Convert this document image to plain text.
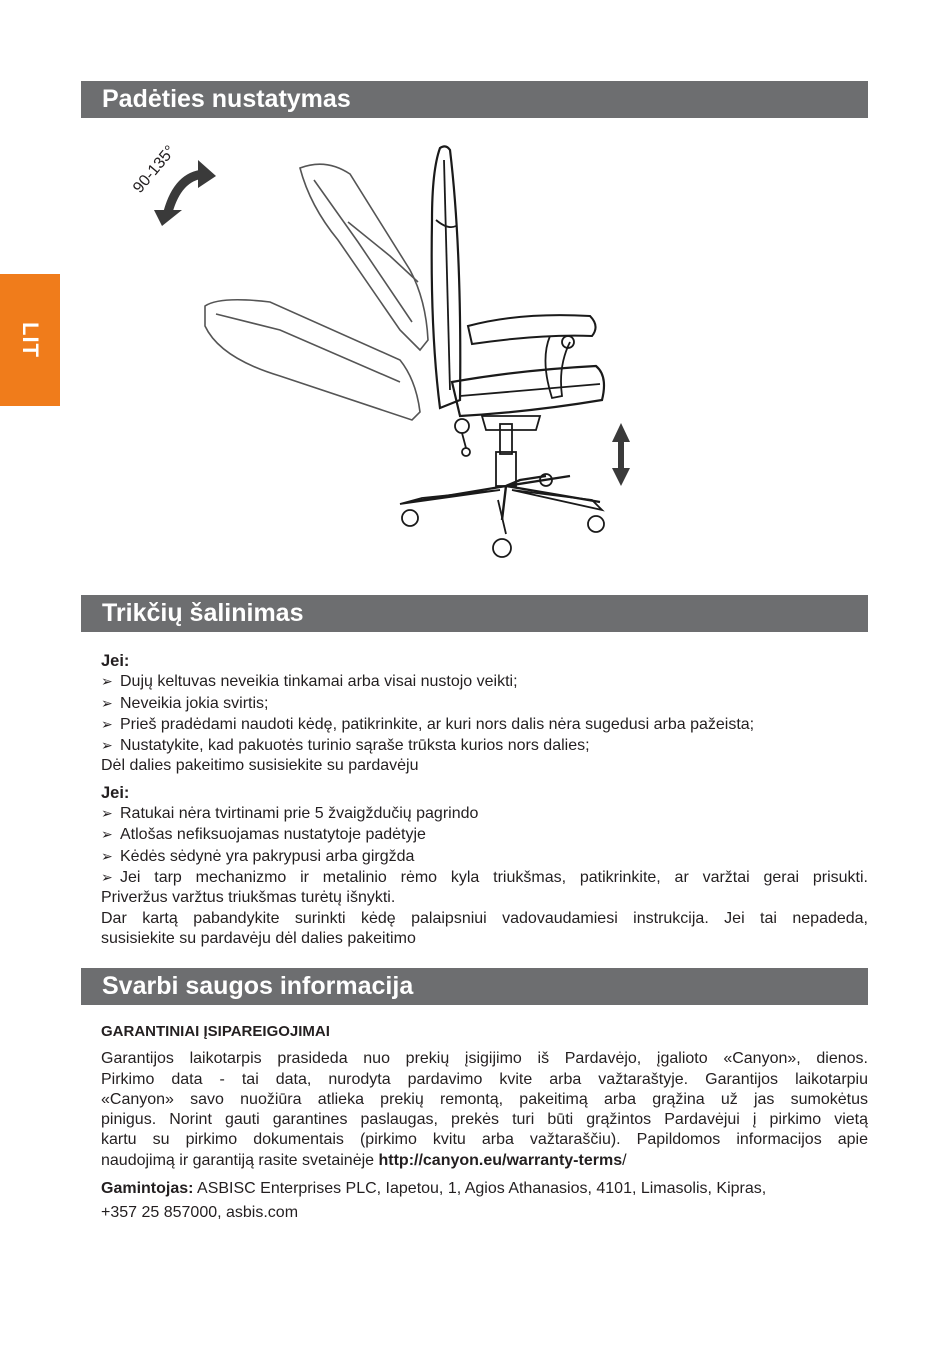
LIT
Padėties nustatymas
90-135°
Trikčių šalinimas
Jei:
➢ Dujų keltuvas neveikia tinkamai arba visai nustojo veikti;
➢ Neveikia jokia svirtis;
➢ Prieš pradėdami naudoti kėdę, patikrinkite, ar kuri nors dalis nėra sugedusi arba pažeista;
➢ Nustatykite, kad pakuotės turinio sąraše trūksta kurios nors dalies;
Dėl dalies pakeitimo susisiekite su pardavėju
Jei:
➢ Ratukai nėra tvirtinami prie 5 žvaigždučių pagrindo
➢ Atlošas nefiksuojamas nustatytoje padėtyje
➢ Kėdės sėdynė yra pakrypusi arba girgžda
➢ Jei tarp mechanizmo ir metalinio rėmo kyla triukšmas, patikrinkite, ar varžtai gerai prisukti.
Priveržus varžtus triukšmas turėtų išnykti.
Dar kartą pabandykite surinkti kėdę palaipsniui vadovaudamiesi instrukcija. Jei tai nepadeda,
susisiekite su pardavėju dėl dalies pakeitimo
Svarbi saugos informacija
GARANTINIAI ĮSIPAREIGOJIMAI
Garantijos laikotarpis prasideda nuo prekių įsigijimo iš Pardavėjo, įgalioto «Canyon», dienos.
Pirkimo data - tai data, nurodyta pardavimo kvite arba važtaraštyje. Garantijos laikotarpiu
«Canyon» savo nuožiūra atlieka prekių remontą, pakeitimą arba grąžina už jas sumokėtus
pinigus. Norint gauti garantines paslaugas, prekės turi būti grąžintos Pardavėjui į pirkimo vietą
kartu su pirkimo dokumentais (pirkimo kvitu arba važtaraščiu). Papildomos informacijos apie
naudojimą ir garantiją rasite svetainėje http://canyon.eu/warranty-terms/
Gamintojas: ASBISC Enterprises PLC, Iapetou, 1, Agios Athanasios, 4101, Limasolis, Kipras,
+357 25 857000, asbis.com
